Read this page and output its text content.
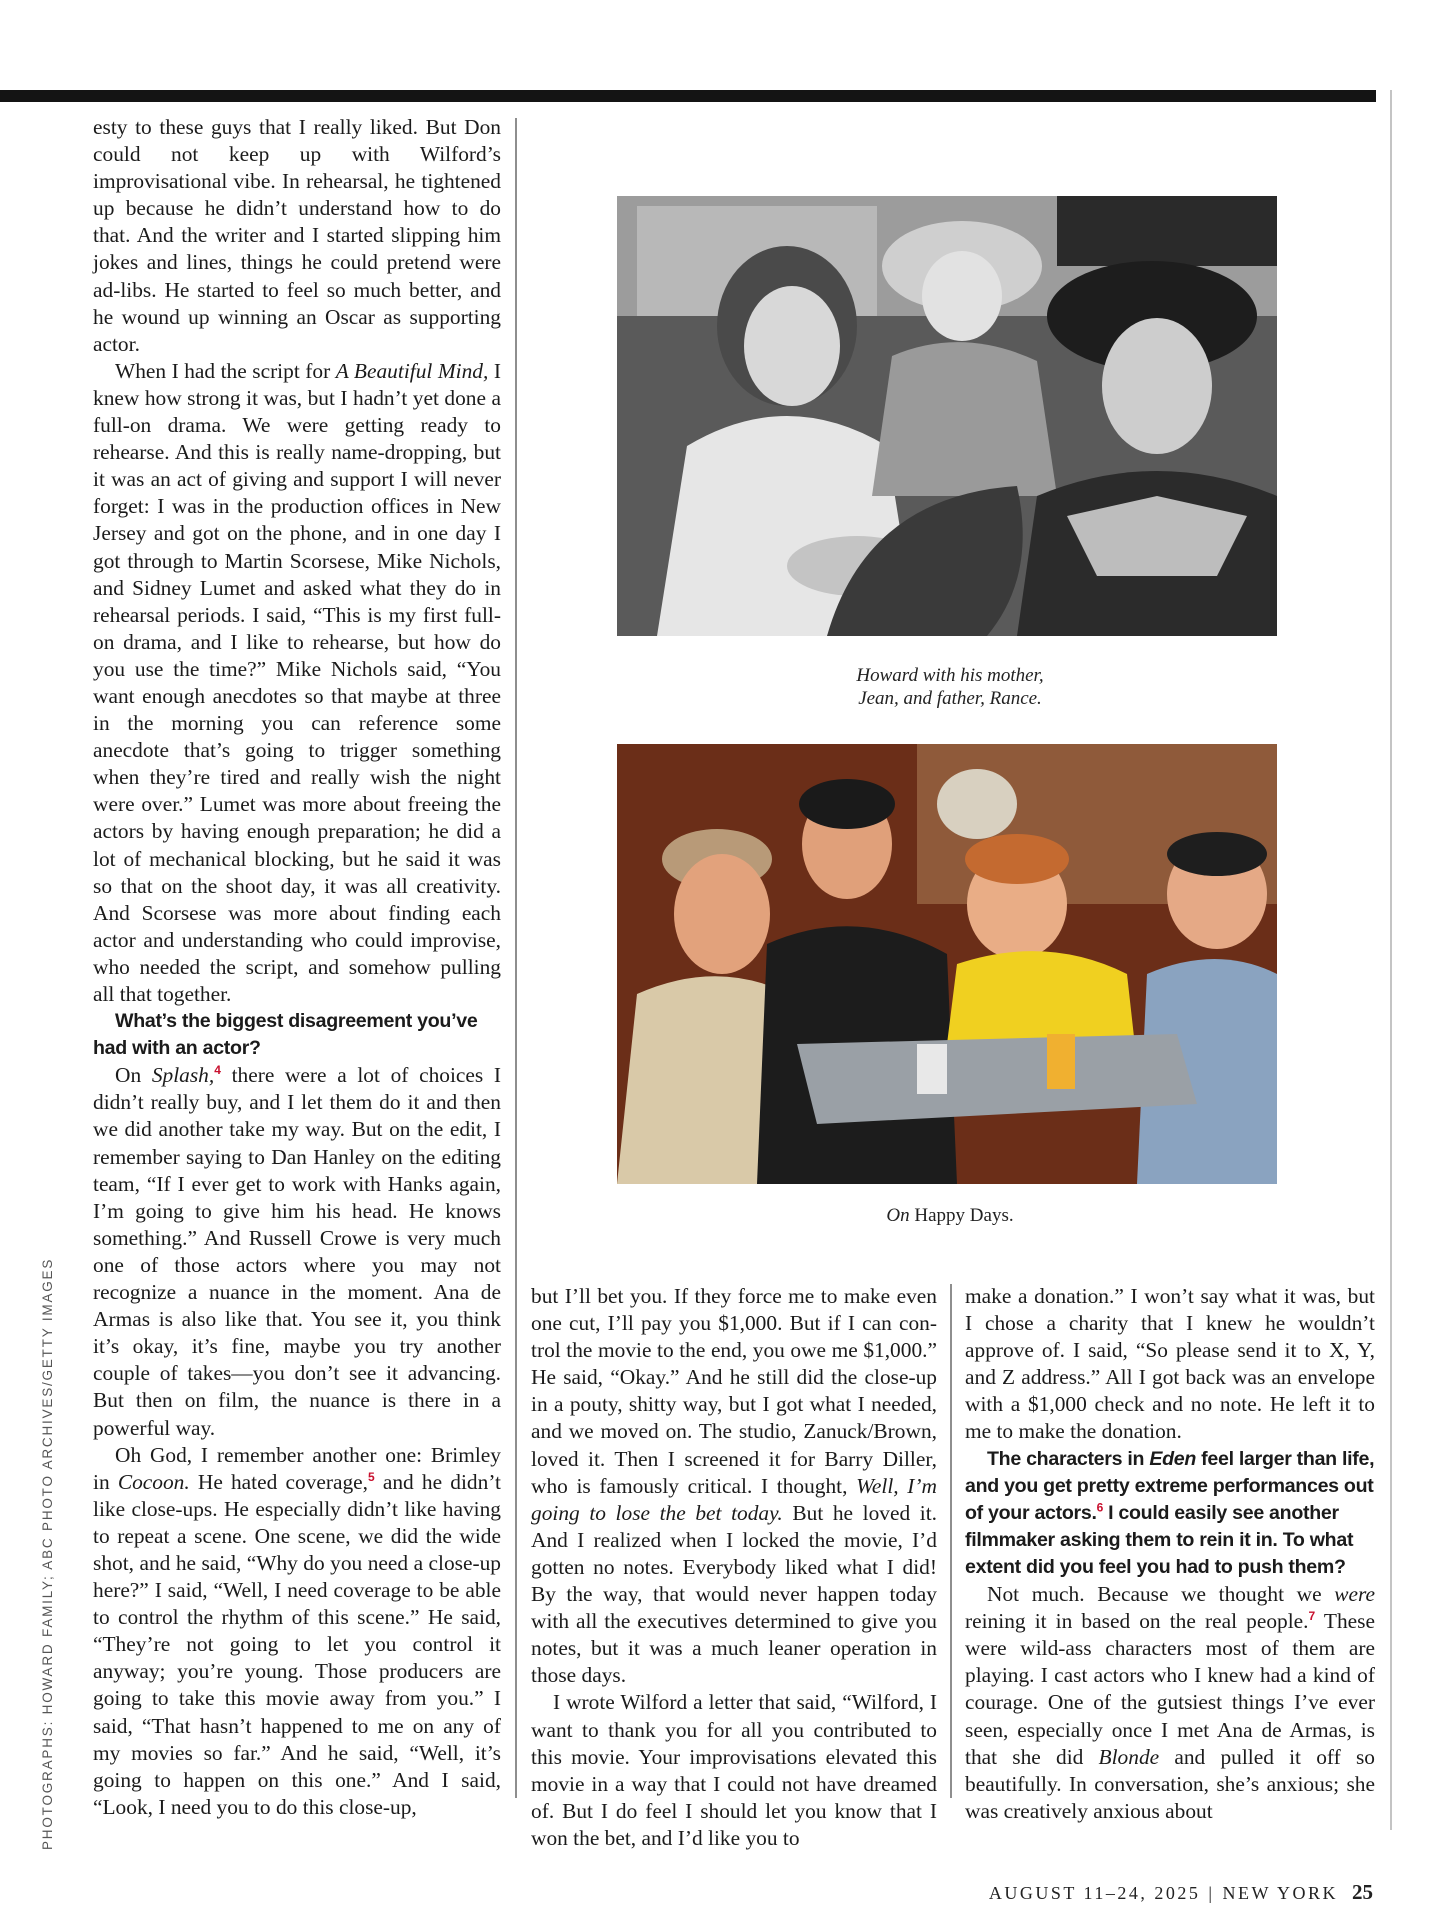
esty to these guys that I really liked. But Don could not keep up with Wilford’s improvisational vibe. In rehearsal, he tightened up because he didn’t understand how to do that. And the writer and I started slipping him jokes and lines, things he could pretend were ad-libs. He started to feel so much better, and he wound up winning an Oscar as supporting actor.

When I had the script for A Beautiful Mind, I knew how strong it was, but I hadn’t yet done a full-on drama. We were getting ready to rehearse. And this is really name-dropping, but it was an act of giving and support I will never forget: I was in the production offices in New Jersey and got on the phone, and in one day I got through to Martin Scorsese, Mike Nichols, and Sidney Lumet and asked what they do in rehearsal periods. I said, “This is my first full-on drama, and I like to rehearse, but how do you use the time?” Mike Nichols said, “You want enough anecdotes so that maybe at three in the morning you can reference some anecdote that’s going to trigger something when they’re tired and really wish the night were over.” Lumet was more about freeing the actors by having enough preparation; he did a lot of mechanical blocking, but he said it was so that on the shoot day, it was all creativity. And Scorsese was more about finding each actor and understanding who could improvise, who needed the script, and somehow pulling all that together.

What’s the biggest disagreement you’ve had with an actor?

On Splash,$^4$ there were a lot of choices I didn’t really buy, and I let them do it and then we did another take my way. But on the edit, I remember saying to Dan Hanley on the editing team, “If I ever get to work with Hanks again, I’m going to give him his head. He knows something.” And Russell Crowe is very much one of those actors where you may not recognize a nuance in the moment. Ana de Armas is also like that. You see it, you think it’s okay, it’s fine, maybe you try another couple of takes—you don’t see it advancing. But then on film, the nuance is there in a powerful way.

Oh God, I remember another one: Brimley in Cocoon. He hated coverage,$^5$ and he didn’t like close-ups. He especially didn’t like having to repeat a scene. One scene, we did the wide shot, and he said, “Why do you need a close-up here?” I said, “Well, I need coverage to be able to control the rhythm of this scene.” He said, “They’re not going to let you control it anyway; you’re young. Those producers are going to take this movie away from you.” I said, “That hasn’t happened to me on any of my movies so far.” And he said, “Well, it’s going to happen on this one.” And I said, “Look, I need you to do this close-up,

Howard with his mother,
Jean, and father, Rance.
On Happy Days.

but I’ll bet you. If they force me to make even one cut, I’ll pay you $1,000. But if I can control the movie to the end, you owe me $1,000.” He said, “Okay.” And he still did the close-up in a pouty, shitty way, but I got what I needed, and we moved on. The studio, Zanuck/Brown, loved it. Then I screened it for Barry Diller, who is famously critical. I thought, Well, I’m going to lose the bet today. But he loved it. And I realized when I locked the movie, I’d gotten no notes. Everybody liked what I did! By the way, that would never happen today with all the executives determined to give you notes, but it was a much leaner operation in those days.

I wrote Wilford a letter that said, “Wilford, I want to thank you for all you contributed to this movie. Your improvisations elevated this movie in a way that I could not have dreamed of. But I do feel I should let you know that I won the bet, and I’d like you to

make a donation.” I won’t say what it was, but I chose a charity that I knew he wouldn’t approve of. I said, “So please send it to X, Y, and Z address.” All I got back was an envelope with a $1,000 check and no note. He left it to me to make the donation.

The characters in Eden feel larger than life, and you get pretty extreme performances out of your actors.$^6$ I could easily see another filmmaker asking them to rein it in. To what extent did you feel you had to push them?

Not much. Because we thought we were reining it in based on the real people.$^7$ These were wild-ass characters most of them are playing. I cast actors who I knew had a kind of courage. One of the gutsiest things I’ve ever seen, especially once I met Ana de Armas, is that she did Blonde and pulled it off so beautifully. In conversation, she’s anxious; she was creatively anxious about

PHOTOGRAPHS: HOWARD FAMILY; ABC PHOTO ARCHIVES/GETTY IMAGES
AUGUST 11–24, 2025 | NEW YORK 25
